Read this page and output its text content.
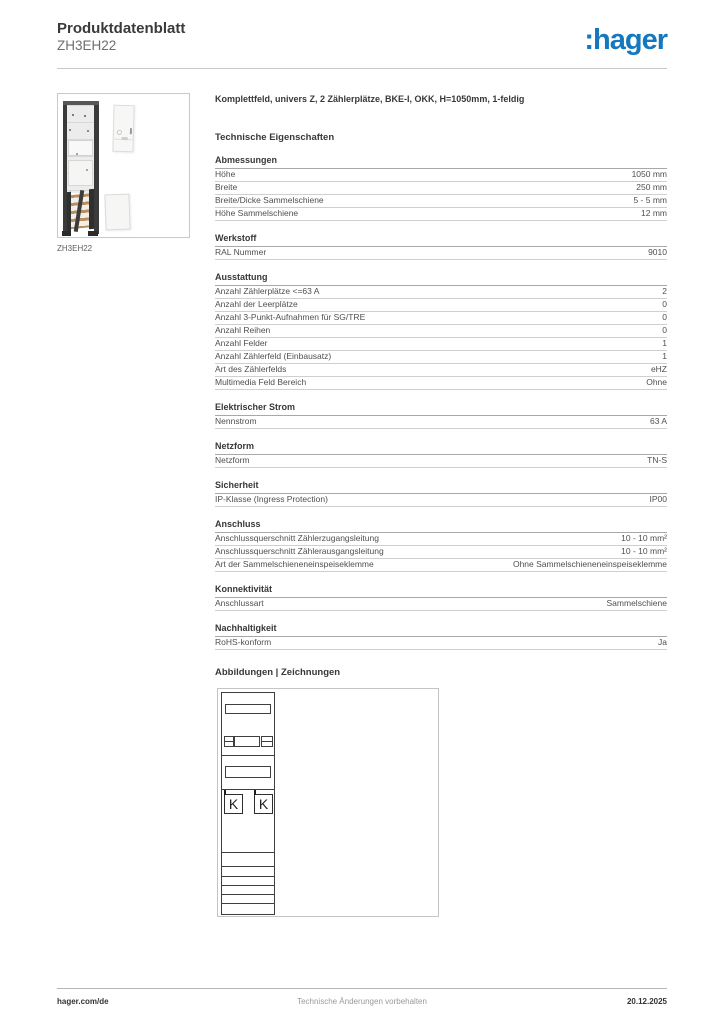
Produktdatenblatt
ZH3EH22	:hager
ZH3EH22
Komplettfeld, univers Z, 2 Zählerplätze, BKE-I, OKK, H=1050mm, 1-feldig
Technische Eigenschaften
Abmessungen
Höhe	1050 mm
Breite	250 mm
Breite/Dicke Sammelschiene	5 - 5 mm
Höhe Sammelschiene	12 mm
Werkstoff
RAL Nummer	9010
Ausstattung
Anzahl Zählerplätze <=63 A	2
Anzahl der Leerplätze	0
Anzahl 3-Punkt-Aufnahmen für SG/TRE	0
Anzahl Reihen	0
Anzahl Felder	1
Anzahl Zählerfeld (Einbausatz)	1
Art des Zählerfelds	eHZ
Multimedia Feld Bereich	Ohne
Elektrischer Strom
Nennstrom	63 A
Netzform
Netzform	TN-S
Sicherheit
IP-Klasse (Ingress Protection)	IP00
Anschluss
Anschlussquerschnitt Zählerzugangsleitung	10 - 10 mm²
Anschlussquerschnitt Zählerausgangsleitung	10 - 10 mm²
Art der Sammelschieneneinspeiseklemme	Ohne Sammelschieneneinspeiseklemme
Konnektivität
Anschlussart	Sammelschiene
Nachhaltigkeit
RoHS-konform	Ja
Abbildungen | Zeichnungen
K	K
hager.com/de	Technische Änderungen vorbehalten	20.12.2025
